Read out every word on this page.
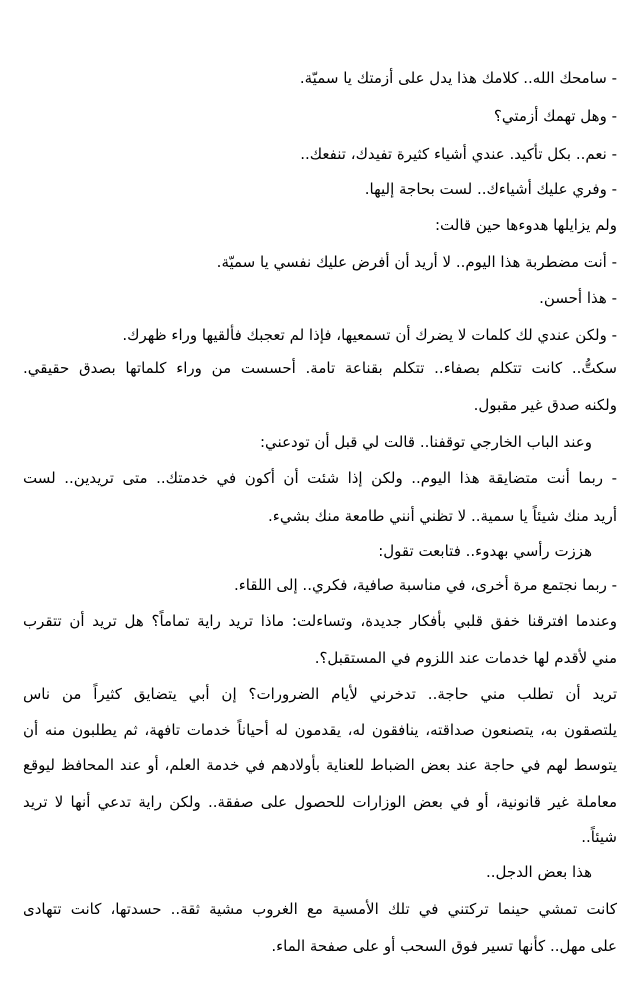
- سامحك الله.. كلامك هذا يدل على أزمتك يا سميّة.
- وهل تهمك أزمتي؟
- نعم.. بكل تأكيد. عندي أشياء كثيرة تفيدك، تنفعك..
- وفري عليك أشياءك.. لست بحاجة إليها.
ولم يزايلها هدوءها حين قالت:
- أنت مضطربة هذا اليوم.. لا أريد أن أفرض عليك نفسي يا سميّة.
- هذا أحسن.
- ولكن عندي لك كلمات لا يضرك أن تسمعيها، فإذا لم تعجبك فألقيها وراء ظهرك.
سكتُّ.. كانت تتكلم بصفاء.. تتكلم بقناعة تامة. أحسست من وراء كلماتها بصدق حقيقي.
ولكنه صدق غير مقبول.
وعند الباب الخارجي توقفنا.. قالت لي قبل أن تودعني:
- ربما أنت متضايقة هذا اليوم.. ولكن إذا شئت أن أكون في خدمتك.. متى تريدين.. لست
أريد منك شيئاً يا سمية.. لا تظني أنني طامعة منك بشيء.
هززت رأسي بهدوء.. فتابعت تقول:
- ربما نجتمع مرة أخرى، في مناسبة صافية، فكري.. إلى اللقاء.
وعندما افترقنا خفق قلبي بأفكار جديدة، وتساءلت: ماذا تريد راية تماماً؟ هل تريد أن تتقرب
مني لأقدم لها خدمات عند اللزوم في المستقبل؟.
تريد أن تطلب مني حاجة.. تدخرني لأيام الضرورات؟ إن أبي يتضايق كثيراً من ناس
يلتصقون به، يتصنعون صداقته، ينافقون له، يقدمون له أحياناً خدمات تافهة، ثم يطلبون منه أن
يتوسط لهم في حاجة عند بعض الضباط للعناية بأولادهم في خدمة العلم، أو عند المحافظ ليوقع
معاملة غير قانونية، أو في بعض الوزارات للحصول على صفقة.. ولكن راية تدعي أنها لا تريد
شيئاً..
هذا بعض الدجل..
كانت تمشي حينما تركتني في تلك الأمسية مع الغروب مشية ثقة.. حسدتها، كانت تتهادى
على مهل.. كأنها تسير فوق السحب أو على صفحة الماء.
